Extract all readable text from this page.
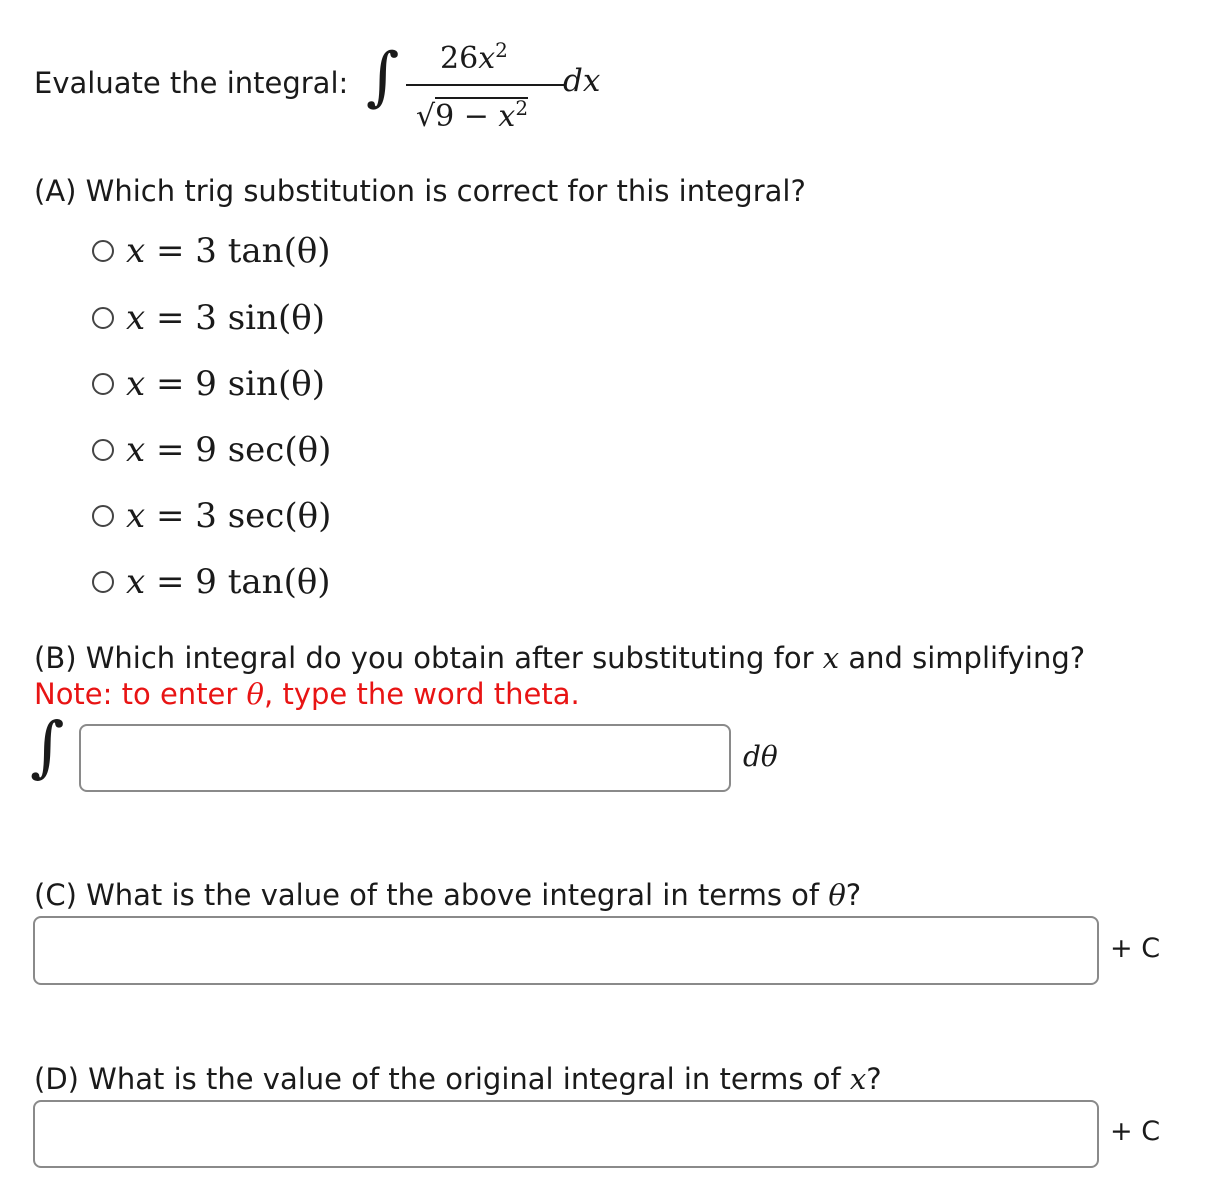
Evaluate the integral: ∫ $26x^2$
$√9 - x^2$
dx
(A) Which trig substitution is correct for this integral?
x = 3 tan(θ)
x = 3 sin(θ)
x = 9 sin(θ)
x = 9 sec(θ)
x = 3 sec(θ)
x = 9 tan(θ)
(B) Which integral do you obtain after substituting for x and simplifying?
Note: to enter θ, type the word theta.
∫	dθ
(C) What is the value of the above integral in terms of θ?
+ C
(D) What is the value of the original integral in terms of x?
+ C
